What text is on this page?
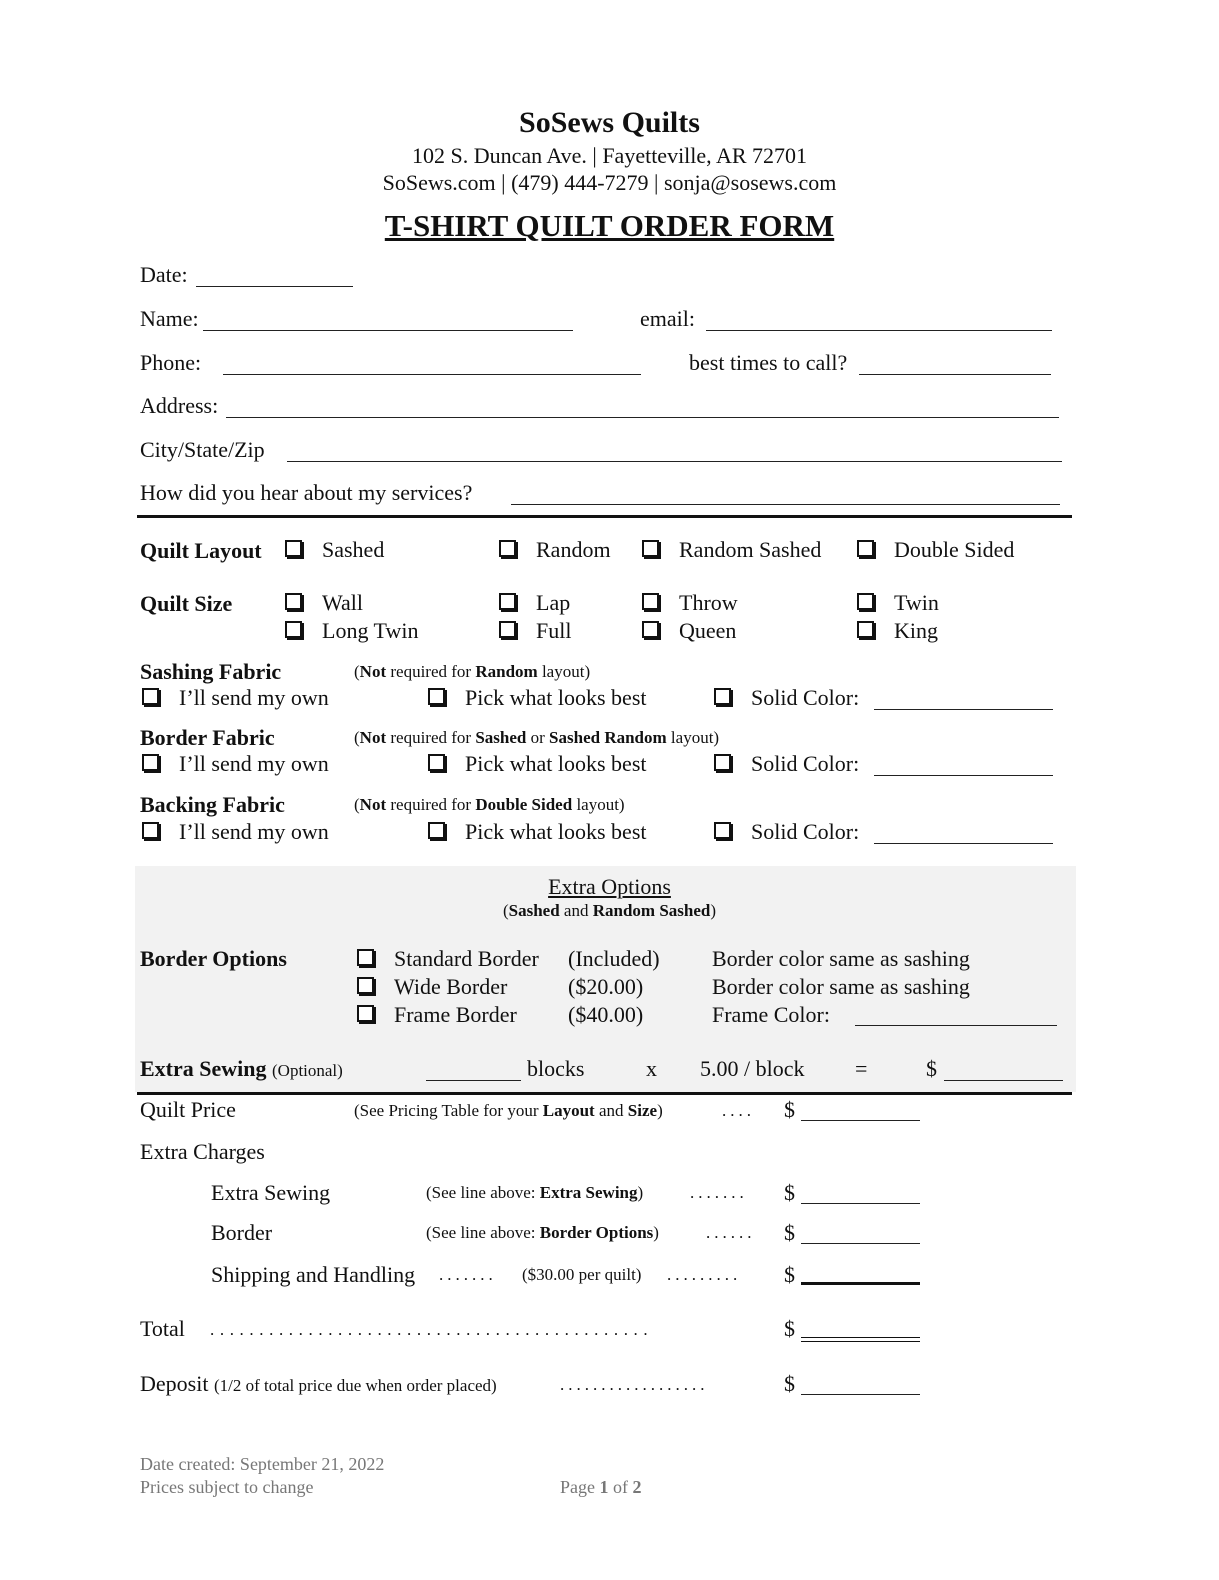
SoSews Quilts
102 S. Duncan Ave. | Fayetteville, AR 72701
SoSews.com | (479) 444-7279 | sonja@sosews.com
T-SHIRT QUILT ORDER FORM
Date:
Name:	email:
Phone:	best times to call?
Address:
City/State/Zip
How did you hear about my services?
Quilt Layout	Sashed	Random	Random Sashed	Double Sided
Quilt Size	Wall	Lap	Throw	Twin
Long Twin	Full	Queen	King
Sashing Fabric	(Not required for Random layout)
I’ll send my own	Pick what looks best	Solid Color:
Border Fabric	(Not required for Sashed or Sashed Random layout)
I’ll send my own	Pick what looks best	Solid Color:
Backing Fabric	(Not required for Double Sided layout)
I’ll send my own	Pick what looks best	Solid Color:
Extra Options
(Sashed and Random Sashed)
Border Options	Standard Border (Included) Border color same as sashing
Wide Border	($20.00)	Border color same as sashing
Frame Border ($40.00)	Frame Color:
Extra Sewing (Optional)	blocks	x 5.00 / block =	$
Quilt Price	(See Pricing Table for your Layout and Size)	.... $
Extra Charges
Extra Sewing	(See line above: Extra Sewing)	....... $
Border	(See line above: Border Options)	...... $
Shipping and Handling ....... ($30.00 per quilt) ......... $
Total .............................................	$
Deposit (1/2 of total price due when order placed)	..................	$
Date created: September 21, 2022
Prices subject to change	Page 1 of 2
